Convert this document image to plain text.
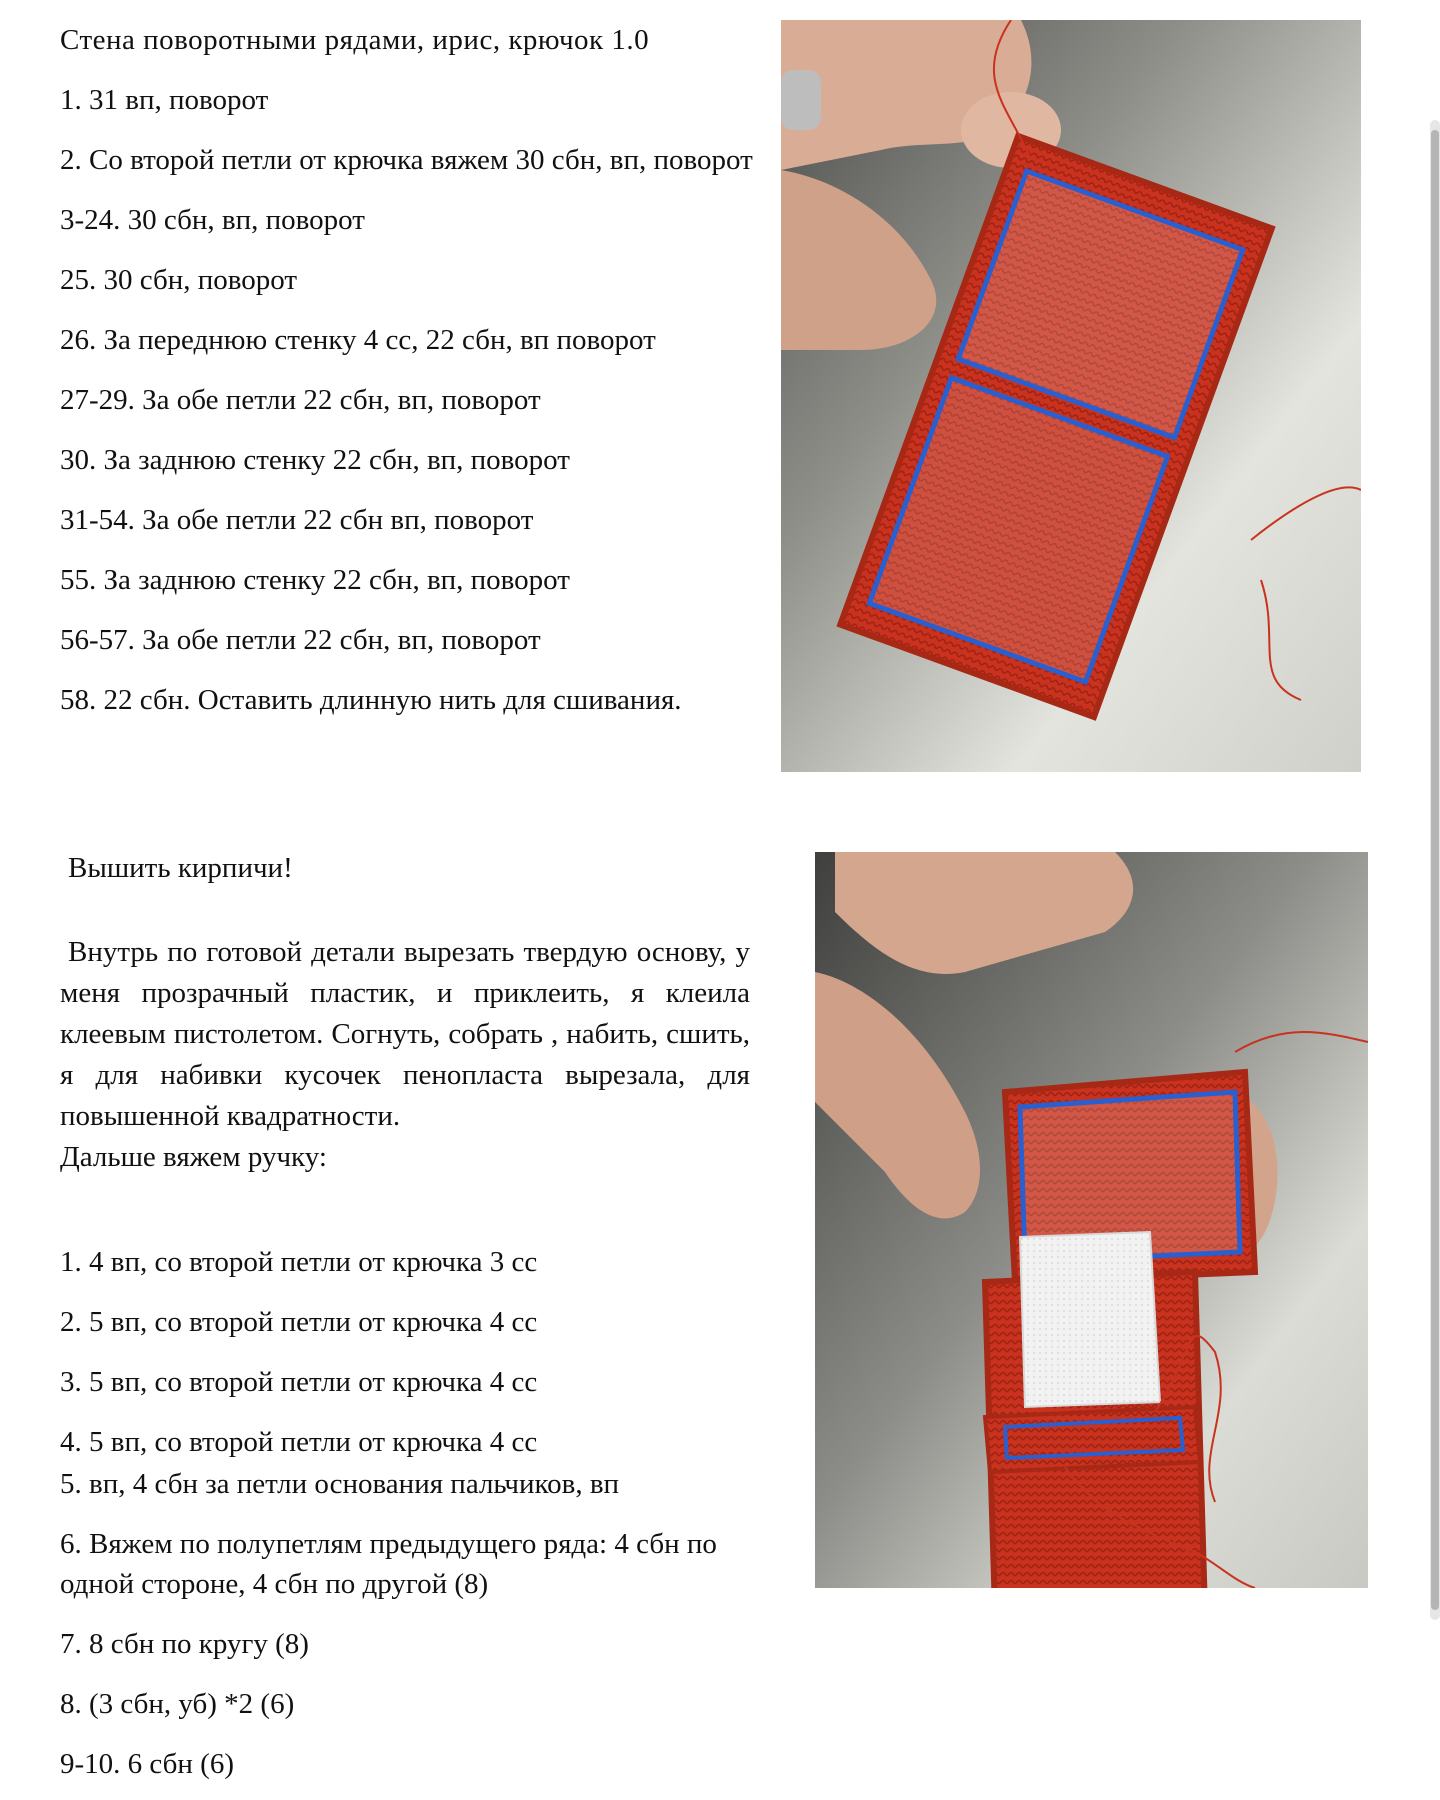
Стена поворотными рядами, ирис, крючок 1.0

1. 31 вп, поворот

2. Со второй петли от крючка вяжем 30 сбн, вп, поворот

3-24. 30 сбн, вп, поворот

25. 30 сбн, поворот

26. За переднюю стенку 4 сс, 22 сбн, вп поворот

27-29. За обе петли 22 сбн, вп, поворот

30. За заднюю стенку 22 сбн, вп, поворот

31-54. За обе петли 22 сбн вп, поворот

55. За заднюю стенку 22 сбн, вп, поворот

56-57. За обе петли 22 сбн, вп, поворот

58. 22 сбн. Оставить длинную нить для сшивания.

Вышить кирпичи!

Внутрь по готовой детали вырезать твердую основу, у меня прозрачный пластик, и приклеить, я клеила клеевым пистолетом. Согнуть, собрать , набить, сшить, я для набивки кусочек пенопласта вырезала, для повышенной квадратности.

Дальше вяжем ручку:

1. 4 вп, со второй петли от крючка 3 сс

2. 5 вп, со второй петли от крючка 4 сс

3. 5 вп, со второй петли от крючка 4 сс

4. 5 вп, со второй петли от крючка 4 сс

5. вп, 4 сбн за петли основания пальчиков, вп

6. Вяжем по полупетлям предыдущего ряда: 4 сбн по одной стороне, 4 сбн по другой (8)

7. 8 сбн по кругу (8)

8. (3 сбн, уб) *2 (6)

9-10. 6 сбн (6)
